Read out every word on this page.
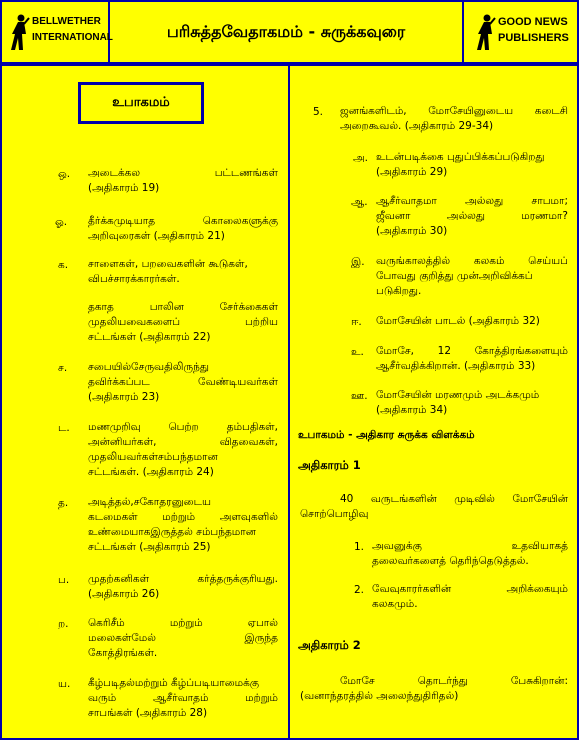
BELLWETHER
INTERNATIONAL	பரிசுத்தவேதாகமம் - சுருக்கவுரை	GOOD NEWS
PUBLISHERS
உபாகமம்
ஒ. அடைக்கல பட்டணங்கள்
(அதிகாரம் 19)
ஓ. தீர்க்கமுடியாத கொலைகளுக்கு
அறிவுரைகள் (அதிகாரம் 21)
க. சாளைகள், பறவைகளின் கூடுகள்,
விபச்சாரக்காரர்கள்.
தகாத பாலின சேர்க்கைகள்
முதலியவைகளைப் பற்றிய
சட்டங்கள் (அதிகாரம் 22)
ச. சபையில்சேருவதிலிருந்து
தவிர்க்கப்பட வேண்டியவர்கள்
(அதிகாரம் 23)
ட. மணமுறிவு பெற்ற தம்பதிகள்,
அன்னியர்கள், விதவைகள்,
முதலியவர்கள்சம்பந்தமான
சட்டங்கள். (அதிகாரம் 24)
த. அடித்தல்,சகோதரனுடைய
கடமைகள் மற்றும் அளவுகளில்
உண்மையாகஇருத்தல் சம்பந்தமான
சட்டங்கள் (அதிகாரம் 25)
ப. முதற்கனிகள் கர்த்தருக்குரியது.
(அதிகாரம் 26)
ற. கெரிசீம் மற்றும் ஏபால்
மலைகள்மேல் இருந்த
கோத்திரங்கள்.
ய. கீழ்படிதல்மற்றும் கீழ்ப்படியாமைக்கு
வரும் ஆசீர்வாதம் மற்றும்
சாபங்கள் (அதிகாரம் 28)
5. ஜனங்களிடம், மோசேயினுடைய கடைசி
அறைகூவல். (அதிகாரம் 29-34)
அ. உடன்படிக்கை புதுப்பிக்கப்படுகிறது
(அதிகாரம் 29)
ஆ. ஆசீர்வாதமா அல்லது சாபமா;
ஜீவனா அல்லது மரணமா?
(அதிகாரம் 30)
இ. வருங்காலத்தில் கலகம் செய்யப்
போவது குறித்து முன்அறிவிக்கப்
படுகிறது.
ஈ. மோசேயின் பாடல் (அதிகாரம் 32)
உ. மோசே, 12 கோத்திரங்களையும்
ஆசீர்வதிக்கிறான். (அதிகாரம் 33)
ஊ. மோசேயின் மரணமும் அடக்கமும்
(அதிகாரம் 34)
உபாகமம் - அதிகார சுருக்க விளக்கம்
அதிகாரம் 1
40 வருடங்களின் முடிவில் மோசேயின்
சொற்பொழிவு
1. அவனுக்கு உதவியாகத்
தலைவர்களைத் தெரிந்தெடுத்தல்.
2. வேவுகாரர்களின் அறிக்கையும்
கலகமும்.
அதிகாரம் 2
மோசே தொடர்ந்து பேசுகிறான்:
(வனாந்தரத்தில் அலைந்துதிரிதல்)
